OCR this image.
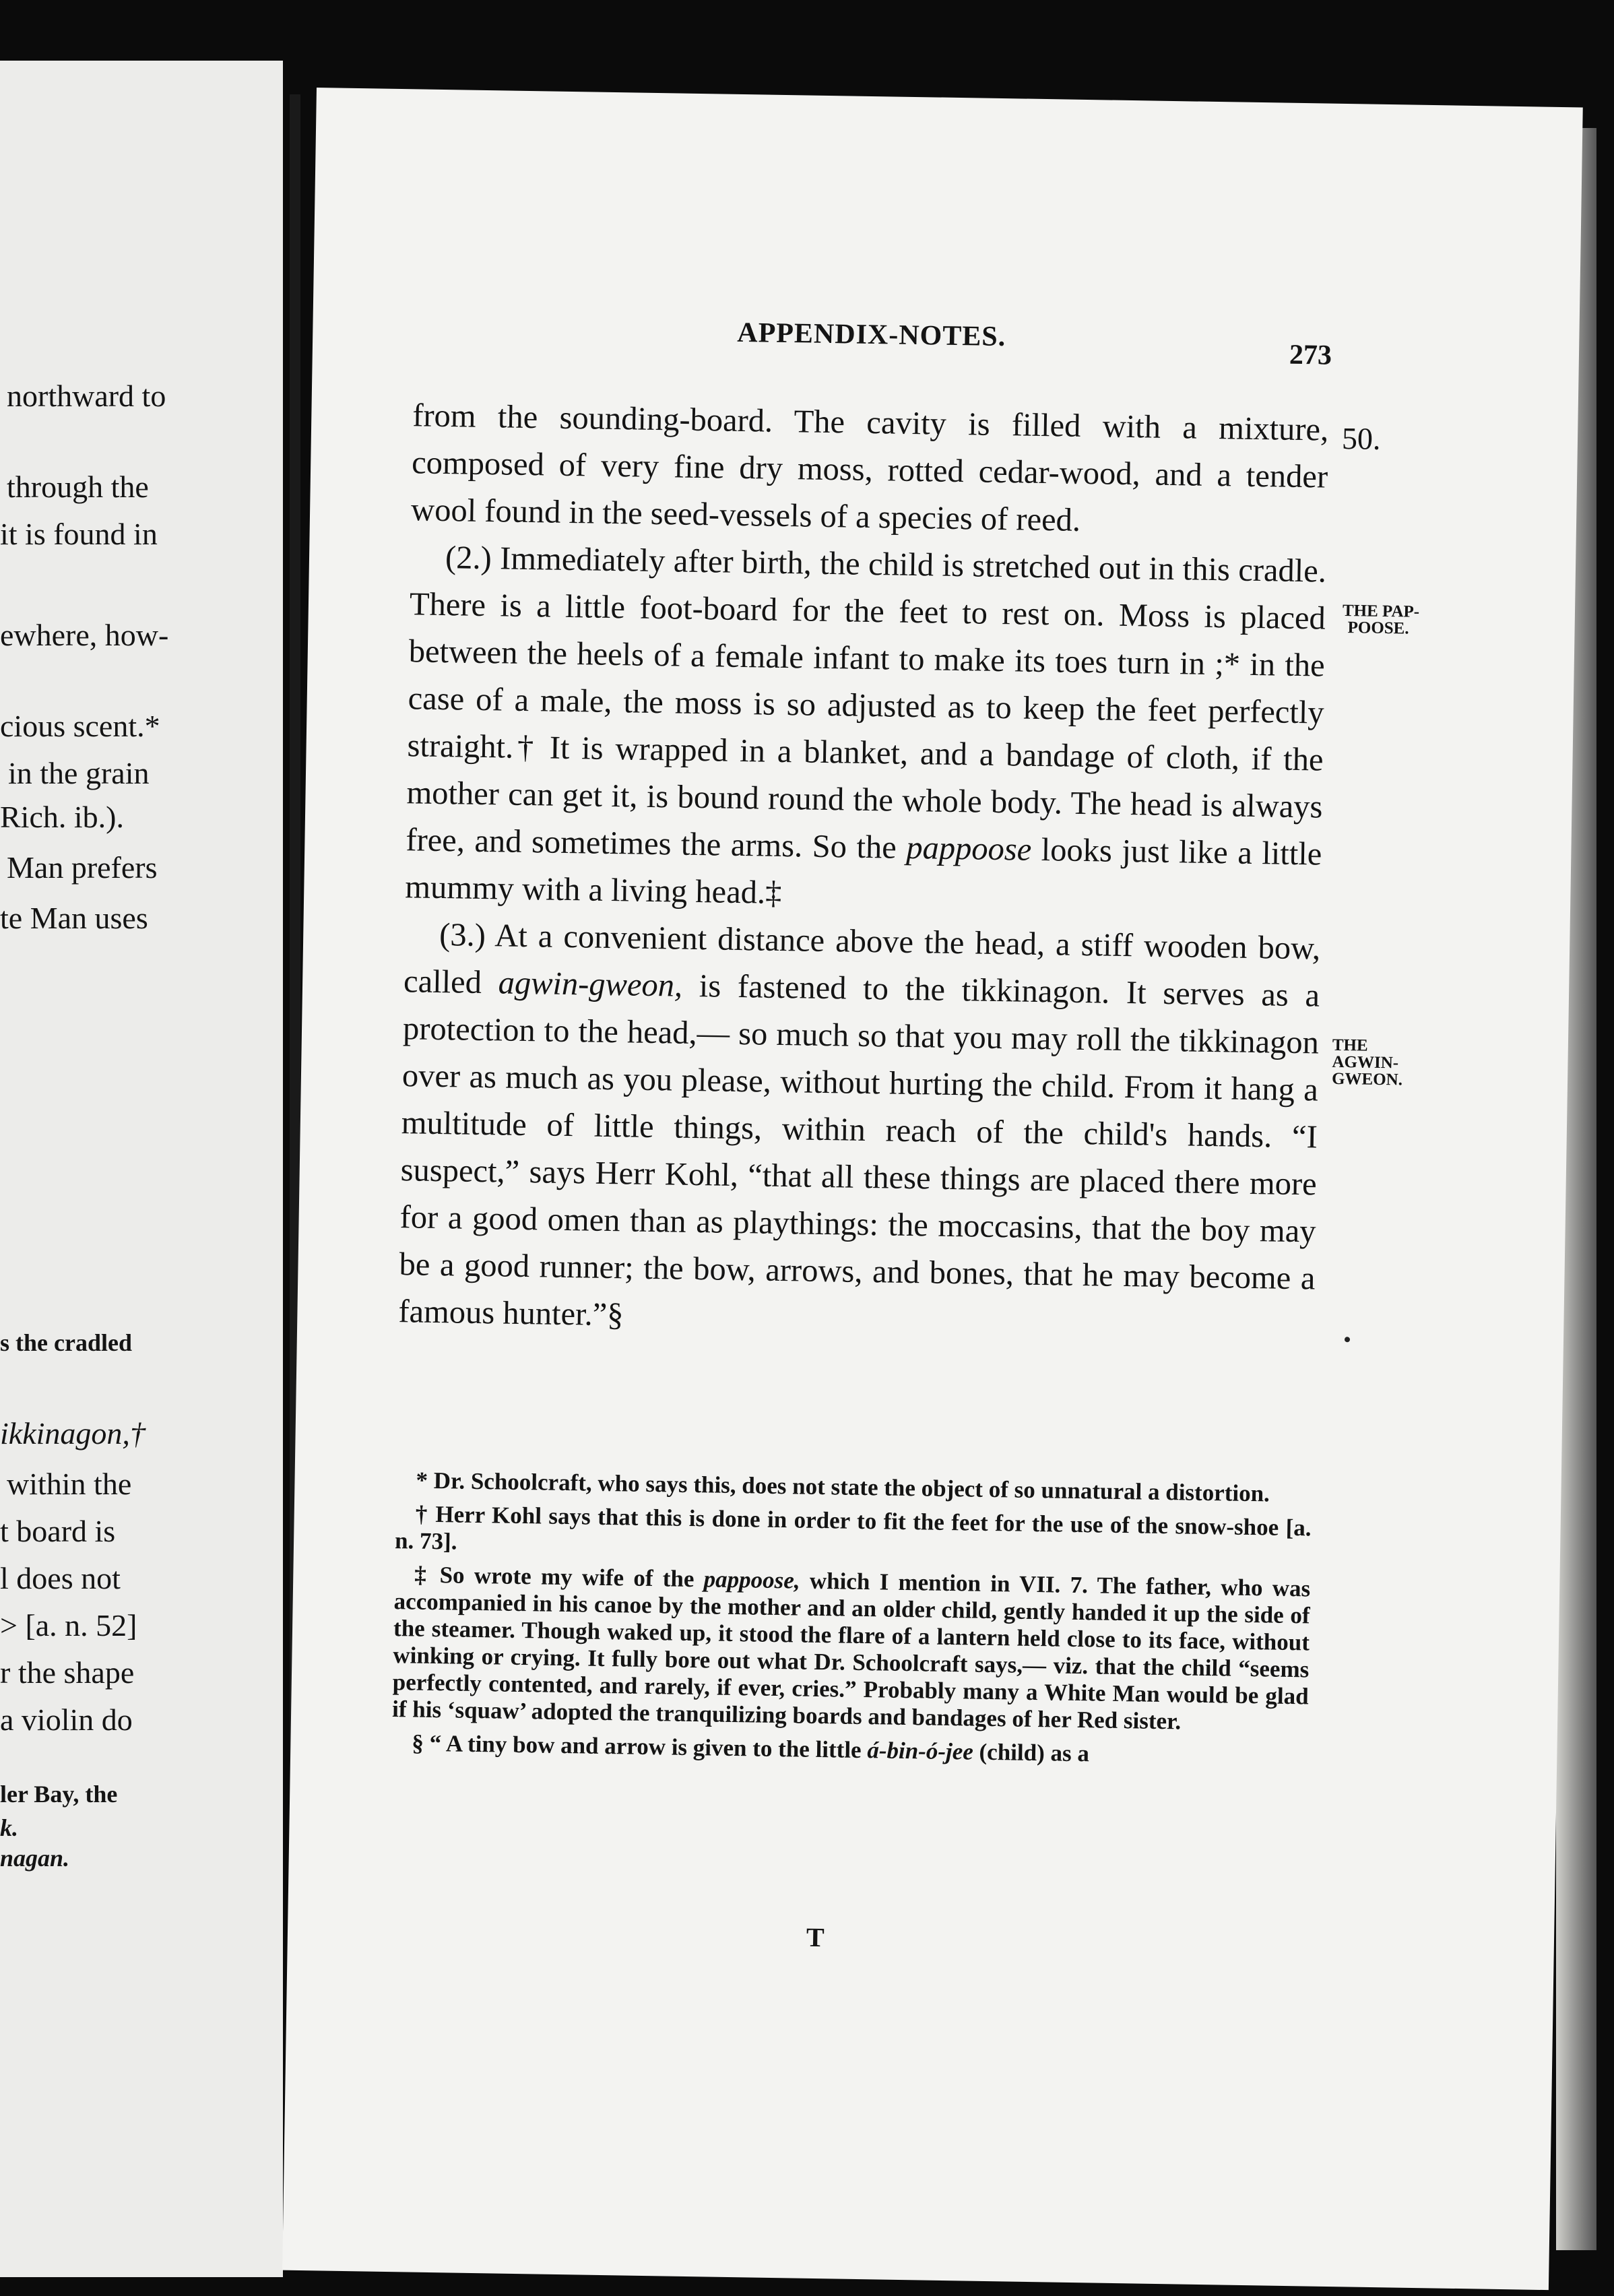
northward to
through the
it is found in
ewhere, how-
cious scent.*
in the grain
Rich. ib.).
Man prefers
te Man uses
s the cradled
ikkinagon,†
within the
t board is
l does not
> [a. n. 52]
r the shape
a violin do
ler Bay, the
k.
nagan.
APPENDIX-NOTES.
273
50.
THE PAP-
POOSE.
THE
AGWIN-
GWEON.

from the sounding-board. The cavity is filled with a mixture, composed of very fine dry moss, rotted cedar-wood, and a tender wool found in the seed-vessels of a species of reed.

(2.) Immediately after birth, the child is stretched out in this cradle. There is a little foot-board for the feet to rest on. Moss is placed between the heels of a female infant to make its toes turn in ;* in the case of a male, the moss is so adjusted as to keep the feet perfectly straight.† It is wrapped in a blanket, and a bandage of cloth, if the mother can get it, is bound round the whole body. The head is always free, and sometimes the arms. So the pappoose looks just like a little mummy with a living head.‡

(3.) At a convenient distance above the head, a stiff wooden bow, called agwin-gweon, is fastened to the tikkinagon. It serves as a protection to the head,— so much so that you may roll the tikkinagon over as much as you please, without hurting the child. From it hang a multitude of little things, within reach of the child's hands. “I suspect,” says Herr Kohl, “that all these things are placed there more for a good omen than as playthings: the moccasins, that the boy may be a good runner; the bow, arrows, and bones, that he may become a famous hunter.”§

* Dr. Schoolcraft, who says this, does not state the object of so unnatural a distortion.

† Herr Kohl says that this is done in order to fit the feet for the use of the snow-shoe [a. n. 73].

‡ So wrote my wife of the pappoose, which I mention in VII. 7. The father, who was accompanied in his canoe by the mother and an older child, gently handed it up the side of the steamer. Though waked up, it stood the flare of a lantern held close to its face, without winking or crying. It fully bore out what Dr. Schoolcraft says,— viz. that the child “seems perfectly contented, and rarely, if ever, cries.” Probably many a White Man would be glad if his ‘squaw’ adopted the tranquilizing boards and bandages of her Red sister.

§ “ A tiny bow and arrow is given to the little á-bin-ó-jee (child) as a

T
